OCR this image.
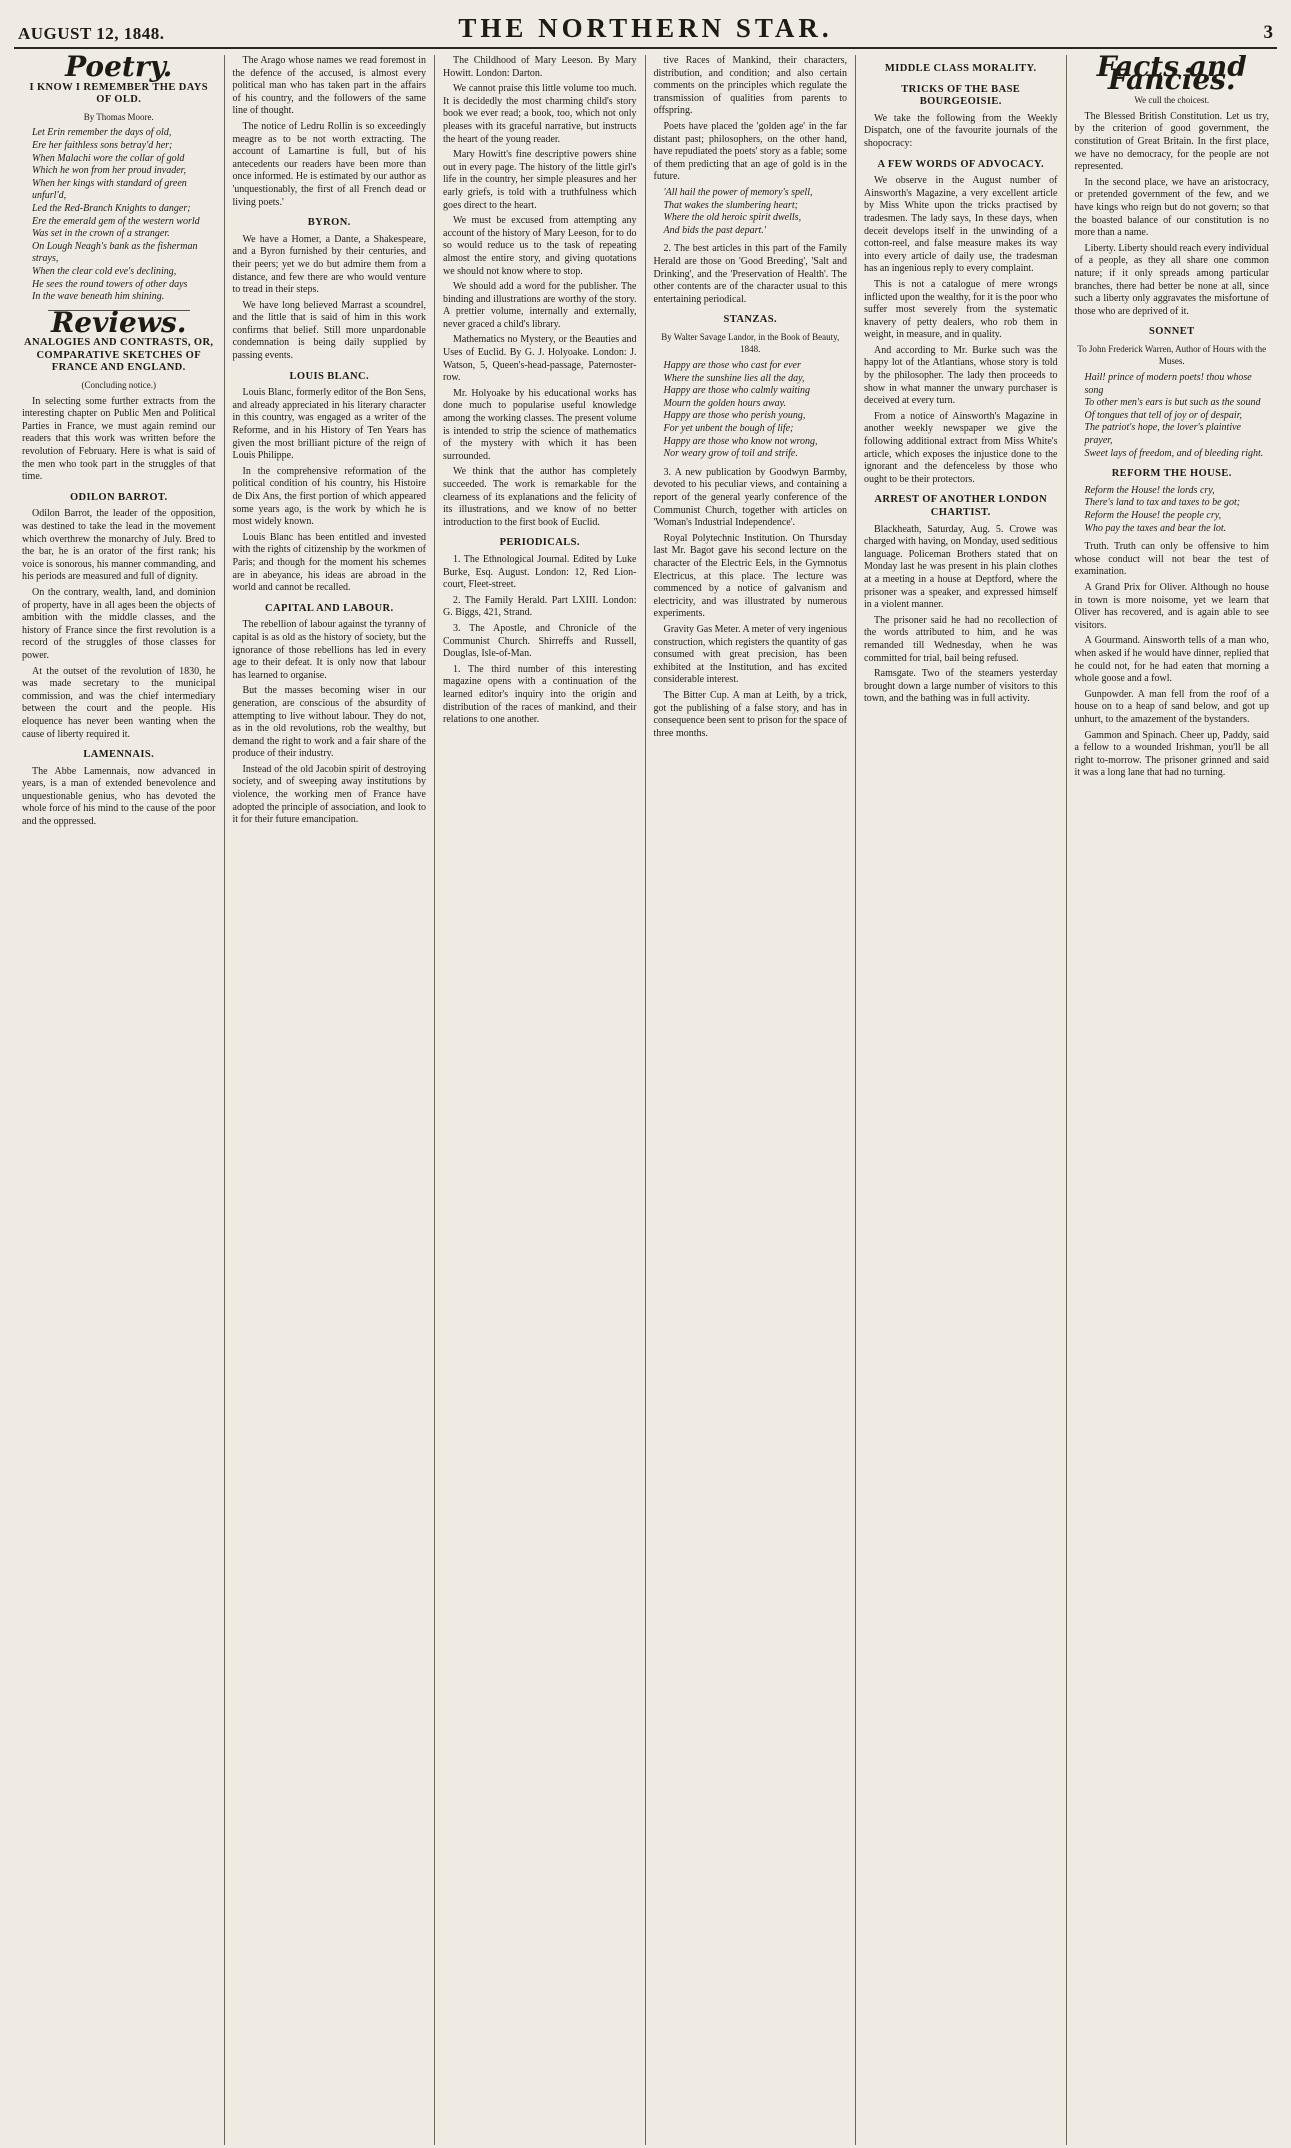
AUGUST 12, 1848.	THE NORTHERN STAR.	3
Poetry.
I KNOW I REMEMBER THE DAYS OF OLD.
By Thomas Moore.
Let Erin remember the days of old,
Ere her faithless sons betray'd her;
When Malachi wore the collar of gold
Which he won from her proud invader,
When her kings with standard of green unfurl'd,
Led the Red-Branch Knights to danger;
Ere the emerald gem of the western world
Was set in the crown of a stranger.
On Lough Neagh's bank as the fisherman strays,
When the clear cold eve's declining,
He sees the round towers of other days
In the wave beneath him shining.
Reviews.
ANALOGIES AND CONTRASTS, OR, COMPARATIVE SKETCHES OF FRANCE AND ENGLAND.
(Concluding notice.)

In selecting some further extracts from the interesting chapter on Public Men and Political Parties in France, we must again remind our readers that this work was written before the revolution of February. Here is what is said of the men who took part in the struggles of that time.

ODILON BARROT.

Odilon Barrot, the leader of the opposition, was destined to take the lead in the movement which overthrew the monarchy of July. Bred to the bar, he is an orator of the first rank; his voice is sonorous, his manner commanding, and his periods are measured and full of dignity.

On the contrary, wealth, land, and dominion of property, have in all ages been the objects of ambition with the middle classes, and the history of France since the first revolution is a record of the struggles of those classes for power.

At the outset of the revolution of 1830, he was made secretary to the municipal commission, and was the chief intermediary between the court and the people. His eloquence has never been wanting when the cause of liberty required it.

LAMENNAIS.

The Abbe Lamennais, now advanced in years, is a man of extended benevolence and unquestionable genius, who has devoted the whole force of his mind to the cause of the poor and the oppressed.

The Arago whose names we read foremost in the defence of the accused, is almost every political man who has taken part in the affairs of his country, and the followers of the same line of thought.

The notice of Ledru Rollin is so exceedingly meagre as to be not worth extracting. The account of Lamartine is full, but of his antecedents our readers have been more than once informed. He is estimated by our author as 'unquestionably, the first of all French dead or living poets.'

BYRON.

We have a Homer, a Dante, a Shakespeare, and a Byron furnished by their centuries, and their peers; yet we do but admire them from a distance, and few there are who would venture to tread in their steps.

We have long believed Marrast a scoundrel, and the little that is said of him in this work confirms that belief. Still more unpardonable condemnation is being daily supplied by passing events.

LOUIS BLANC.

Louis Blanc, formerly editor of the Bon Sens, and already appreciated in his literary character in this country, was engaged as a writer of the Reforme, and in his History of Ten Years has given the most brilliant picture of the reign of Louis Philippe.

In the comprehensive reformation of the political condition of his country, his Histoire de Dix Ans, the first portion of which appeared some years ago, is the work by which he is most widely known.

Louis Blanc has been entitled and invested with the rights of citizenship by the workmen of Paris; and though for the moment his schemes are in abeyance, his ideas are abroad in the world and cannot be recalled.

CAPITAL AND LABOUR.

The rebellion of labour against the tyranny of capital is as old as the history of society, but the ignorance of those rebellions has led in every age to their defeat. It is only now that labour has learned to organise.

But the masses becoming wiser in our generation, are conscious of the absurdity of attempting to live without labour. They do not, as in the old revolutions, rob the wealthy, but demand the right to work and a fair share of the produce of their industry.

Instead of the old Jacobin spirit of destroying society, and of sweeping away institutions by violence, the working men of France have adopted the principle of association, and look to it for their future emancipation.

The Childhood of Mary Leeson. By Mary Howitt. London: Darton.

We cannot praise this little volume too much. It is decidedly the most charming child's story book we ever read; a book, too, which not only pleases with its graceful narrative, but instructs the heart of the young reader.

Mary Howitt's fine descriptive powers shine out in every page. The history of the little girl's life in the country, her simple pleasures and her early griefs, is told with a truthfulness which goes direct to the heart.

We must be excused from attempting any account of the history of Mary Leeson, for to do so would reduce us to the task of repeating almost the entire story, and giving quotations we should not know where to stop.

We should add a word for the publisher. The binding and illustrations are worthy of the story. A prettier volume, internally and externally, never graced a child's library.

Mathematics no Mystery, or the Beauties and Uses of Euclid. By G. J. Holyoake. London: J. Watson, 5, Queen's-head-passage, Paternoster-row.

Mr. Holyoake by his educational works has done much to popularise useful knowledge among the working classes. The present volume is intended to strip the science of mathematics of the mystery with which it has been surrounded.

We think that the author has completely succeeded. The work is remarkable for the clearness of its explanations and the felicity of its illustrations, and we know of no better introduction to the first book of Euclid.

PERIODICALS.

1. The Ethnological Journal. Edited by Luke Burke, Esq. August. London: 12, Red Lion-court, Fleet-street.

2. The Family Herald. Part LXIII. London: G. Biggs, 421, Strand.

3. The Apostle, and Chronicle of the Communist Church. Shirreffs and Russell, Douglas, Isle-of-Man.

1. The third number of this interesting magazine opens with a continuation of the learned editor's inquiry into the origin and distribution of the races of mankind, and their relations to one another.

tive Races of Mankind, their characters, distribution, and condition; and also certain comments on the principles which regulate the transmission of qualities from parents to offspring.

Poets have placed the 'golden age' in the far distant past; philosophers, on the other hand, have repudiated the poets' story as a fable; some of them predicting that an age of gold is in the future.

'All hail the power of memory's spell,
That wakes the slumbering heart;
Where the old heroic spirit dwells,
And bids the past depart.'

2. The best articles in this part of the Family Herald are those on 'Good Breeding', 'Salt and Drinking', and the 'Preservation of Health'. The other contents are of the character usual to this entertaining periodical.

STANZAS.
By Walter Savage Landor, in the Book of Beauty, 1848.
Happy are those who cast for ever
Where the sunshine lies all the day,
Happy are those who calmly waiting
Mourn the golden hours away.
Happy are those who perish young,
For yet unbent the bough of life;
Happy are those who know not wrong,
Nor weary grow of toil and strife.

3. A new publication by Goodwyn Barmby, devoted to his peculiar views, and containing a report of the general yearly conference of the Communist Church, together with articles on 'Woman's Industrial Independence'.

Royal Polytechnic Institution. On Thursday last Mr. Bagot gave his second lecture on the character of the Electric Eels, in the Gymnotus Electricus, at this place. The lecture was commenced by a notice of galvanism and electricity, and was illustrated by numerous experiments.

Gravity Gas Meter. A meter of very ingenious construction, which registers the quantity of gas consumed with great precision, has been exhibited at the Institution, and has excited considerable interest.

The Bitter Cup. A man at Leith, by a trick, got the publishing of a false story, and has in consequence been sent to prison for the space of three months.

MIDDLE CLASS MORALITY.
TRICKS OF THE BASE BOURGEOISIE.

We take the following from the Weekly Dispatch, one of the favourite journals of the shopocracy:

A FEW WORDS OF ADVOCACY.

We observe in the August number of Ainsworth's Magazine, a very excellent article by Miss White upon the tricks practised by tradesmen. The lady says, In these days, when deceit develops itself in the unwinding of a cotton-reel, and false measure makes its way into every article of daily use, the tradesman has an ingenious reply to every complaint.

This is not a catalogue of mere wrongs inflicted upon the wealthy, for it is the poor who suffer most severely from the systematic knavery of petty dealers, who rob them in weight, in measure, and in quality.

And according to Mr. Burke such was the happy lot of the Atlantians, whose story is told by the philosopher. The lady then proceeds to show in what manner the unwary purchaser is deceived at every turn.

From a notice of Ainsworth's Magazine in another weekly newspaper we give the following additional extract from Miss White's article, which exposes the injustice done to the ignorant and the defenceless by those who ought to be their protectors.

ARREST OF ANOTHER LONDON CHARTIST.

Blackheath, Saturday, Aug. 5. Crowe was charged with having, on Monday, used seditious language. Policeman Brothers stated that on Monday last he was present in his plain clothes at a meeting in a house at Deptford, where the prisoner was a speaker, and expressed himself in a violent manner.

The prisoner said he had no recollection of the words attributed to him, and he was remanded till Wednesday, when he was committed for trial, bail being refused.

Ramsgate. Two of the steamers yesterday brought down a large number of visitors to this town, and the bathing was in full activity.

Facts and Fancies.
We cull the choicest.

The Blessed British Constitution. Let us try, by the criterion of good government, the constitution of Great Britain. In the first place, we have no democracy, for the people are not represented.

In the second place, we have an aristocracy, or pretended government of the few, and we have kings who reign but do not govern; so that the boasted balance of our constitution is no more than a name.

Liberty. Liberty should reach every individual of a people, as they all share one common nature; if it only spreads among particular branches, there had better be none at all, since such a liberty only aggravates the misfortune of those who are deprived of it.

SONNET
To John Frederick Warren, Author of Hours with the Muses.
Hail! prince of modern poets! thou whose song
To other men's ears is but such as the sound
Of tongues that tell of joy or of despair,
The patriot's hope, the lover's plaintive prayer,
Sweet lays of freedom, and of bleeding right.
REFORM THE HOUSE.
Reform the House! the lords cry,
There's land to tax and taxes to be got;
Reform the House! the people cry,
Who pay the taxes and bear the lot.

Truth. Truth can only be offensive to him whose conduct will not bear the test of examination.

A Grand Prix for Oliver. Although no house in town is more noisome, yet we learn that Oliver has recovered, and is again able to see visitors.

A Gourmand. Ainsworth tells of a man who, when asked if he would have dinner, replied that he could not, for he had eaten that morning a whole goose and a fowl.

Gunpowder. A man fell from the roof of a house on to a heap of sand below, and got up unhurt, to the amazement of the bystanders.

Gammon and Spinach. Cheer up, Paddy, said a fellow to a wounded Irishman, you'll be all right to-morrow. The prisoner grinned and said it was a long lane that had no turning.
